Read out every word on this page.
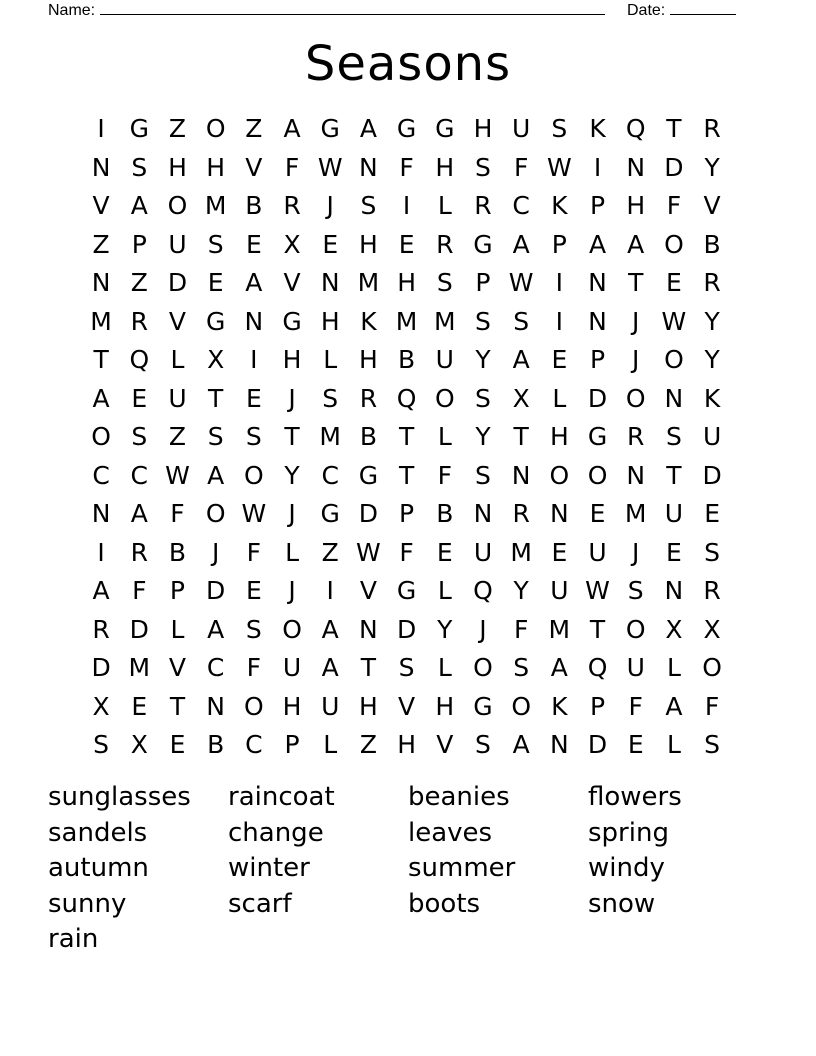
Name:	Date:
Seasons
I G Z O Z A G A G G H U S K Q T R
N S H H V F W N F H S F W I	N D Y
V A O M B R	J	S	I	L R C K P H F V
Z P U S E X E H E R G A P A A O B
N Z D E A V N M H S P W I	N T E R
M R V G N G H K M M S S	I	N	J W Y
T Q L X	I	H L H B U Y A E P	J O Y
A E U T E	J	S R Q O S X L D O N K
O S Z S S T M B T L Y T H G R S U
C C W A O Y C G T F S N O O N T D
N A F O W J G D P B N R N E M U E
I	R B	J	F L Z W F E U M E U	J	E S
A F P D E	J	I	V G L Q Y U W S N R
R D L A S O A N D Y	J	F M T O X X
D M V C F U A T S L O S A Q U L O
X E T N O H U H V H G O K P F A F
S X E B C P L Z H V S A N D E L S
sunglasses	raincoat	beanies	flowers
sandels	change	leaves	spring
autumn	winter	summer	windy
sunny	scarf	boots	snow
rain
